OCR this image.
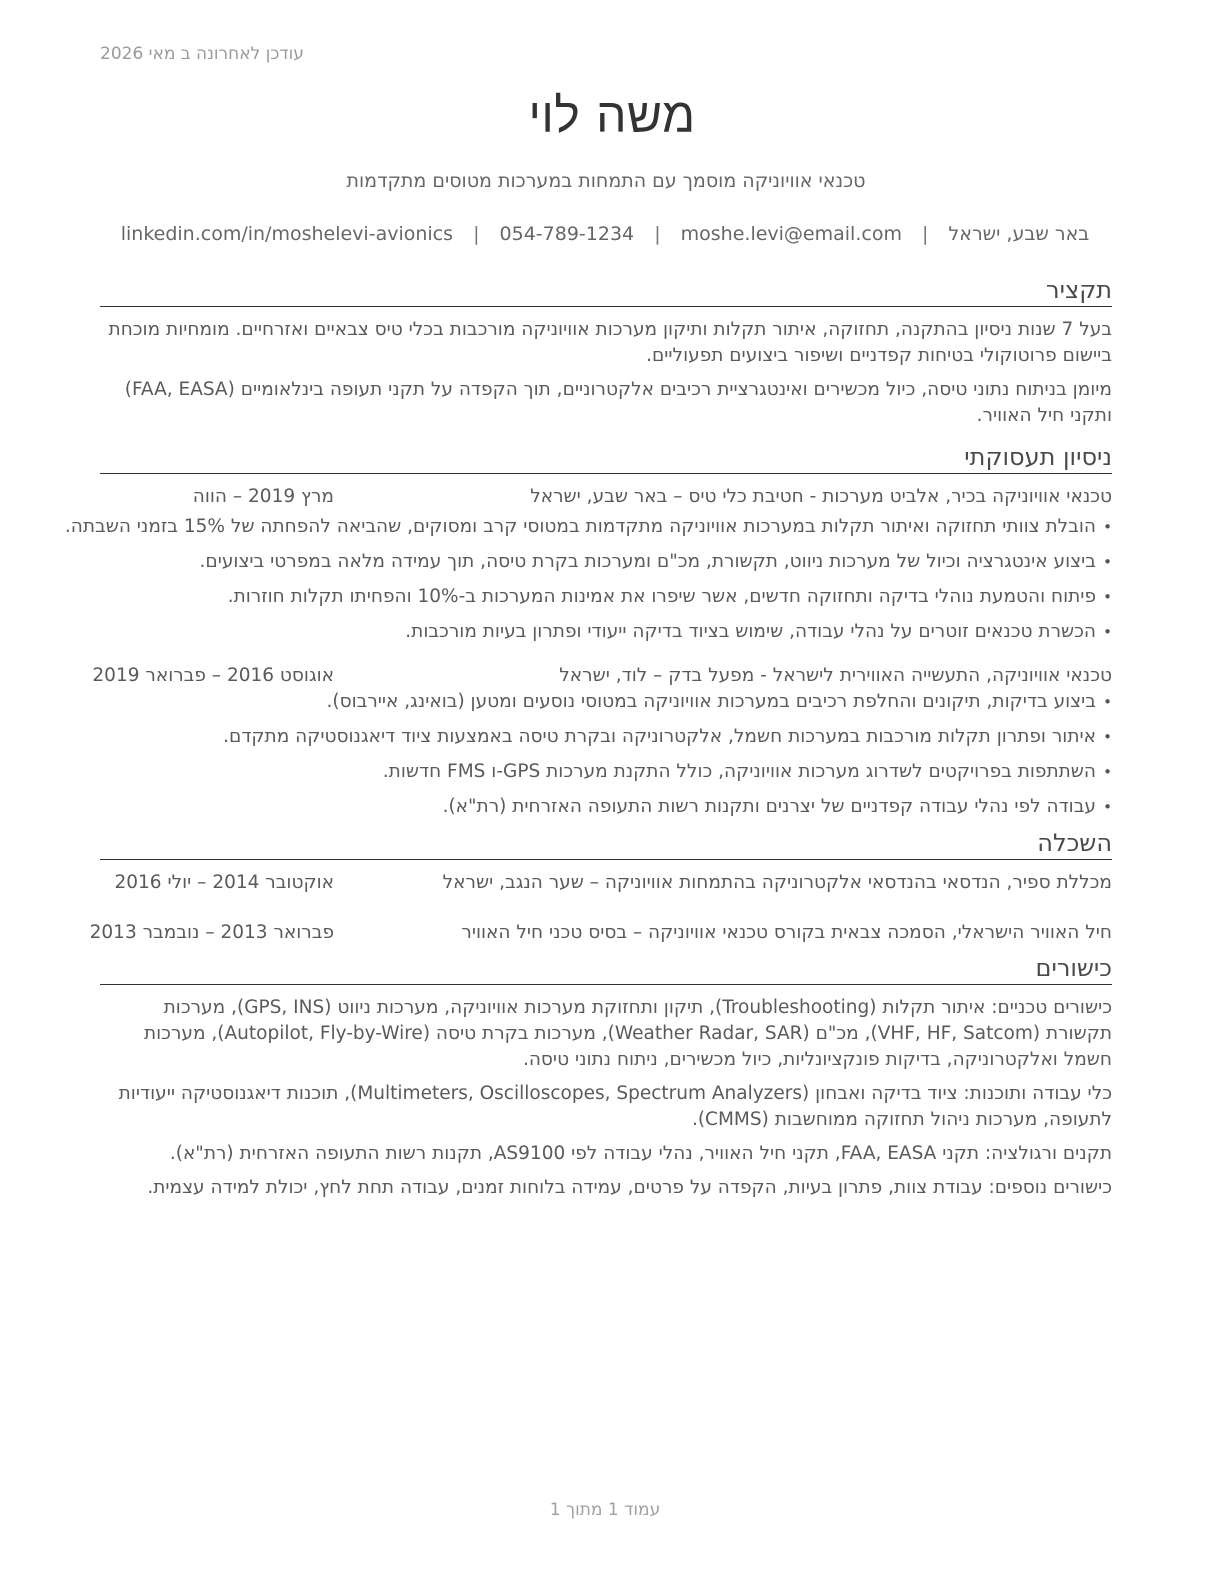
עודכן לאחרונה ב מאי 2026
משה לוי
טכנאי אוויוניקה מוסמך עם התמחות במערכות מטוסים מתקדמות
באר שבע, ישראל | moshe.levi@email.com | 054-789-1234 | linkedin.com/in/moshelevi-avionics
תקציר

בעל 7 שנות ניסיון בהתקנה, תחזוקה, איתור תקלות ותיקון מערכות אוויוניקה מורכבות בכלי טיס צבאיים ואזרחיים. מומחיות מוכחת ביישום פרוטוקולי בטיחות קפדניים ושיפור ביצועים תפעוליים.

מיומן בניתוח נתוני טיסה, כיול מכשירים ואינטגרציית רכיבים אלקטרוניים, תוך הקפדה על תקני תעופה בינלאומיים (FAA, EASA) ותקני חיל האוויר.

ניסיון תעסוקתי
טכנאי אוויוניקה בכיר, אלביט מערכות - חטיבת כלי טיס – באר שבע, ישראל
מרץ 2019 – הווה
• הובלת צוותי תחזוקה ואיתור תקלות במערכות אוויוניקה מתקדמות במטוסי קרב ומסוקים, שהביאה להפחתה של 15% בזמני השבתה.
• ביצוע אינטגרציה וכיול של מערכות ניווט, תקשורת, מכ"ם ומערכות בקרת טיסה, תוך עמידה מלאה במפרטי ביצועים.
• פיתוח והטמעת נוהלי בדיקה ותחזוקה חדשים, אשר שיפרו את אמינות המערכות ב-10% והפחיתו תקלות חוזרות.
• הכשרת טכנאים זוטרים על נהלי עבודה, שימוש בציוד בדיקה ייעודי ופתרון בעיות מורכבות.
טכנאי אוויוניקה, התעשייה האווירית לישראל - מפעל בדק – לוד, ישראל
אוגוסט 2016 – פברואר 2019
• ביצוע בדיקות, תיקונים והחלפת רכיבים במערכות אוויוניקה במטוסי נוסעים ומטען (בואינג, איירבוס).
• איתור ופתרון תקלות מורכבות במערכות חשמל, אלקטרוניקה ובקרת טיסה באמצעות ציוד דיאגנוסטיקה מתקדם.
• השתתפות בפרויקטים לשדרוג מערכות אוויוניקה, כולל התקנת מערכות GPS-ו FMS חדשות.
• עבודה לפי נהלי עבודה קפדניים של יצרנים ותקנות רשות התעופה האזרחית (רת"א).
השכלה
מכללת ספיר, הנדסאי בהנדסאי אלקטרוניקה בהתמחות אוויוניקה – שער הנגב, ישראל
אוקטובר 2014 – יולי 2016
חיל האוויר הישראלי, הסמכה צבאית בקורס טכנאי אוויוניקה – בסיס טכני חיל האוויר
פברואר 2013 – נובמבר 2013
כישורים

כישורים טכניים: איתור תקלות (Troubleshooting), תיקון ותחזוקת מערכות אוויוניקה, מערכות ניווט (GPS, INS), מערכות תקשורת (VHF, HF, Satcom), מכ"ם (Weather Radar, SAR), מערכות בקרת טיסה (Autopilot, Fly-by-Wire), מערכות חשמל ואלקטרוניקה, בדיקות פונקציונליות, כיול מכשירים, ניתוח נתוני טיסה.

כלי עבודה ותוכנות: ציוד בדיקה ואבחון (Multimeters, Oscilloscopes, Spectrum Analyzers), תוכנות דיאגנוסטיקה ייעודיות לתעופה, מערכות ניהול תחזוקה ממוחשבות (CMMS).

תקנים ורגולציה: תקני FAA, EASA, תקני חיל האוויר, נהלי עבודה לפי AS9100, תקנות רשות התעופה האזרחית (רת"א).

כישורים נוספים: עבודת צוות, פתרון בעיות, הקפדה על פרטים, עמידה בלוחות זמנים, עבודה תחת לחץ, יכולת למידה עצמית.

עמוד 1 מתוך 1
